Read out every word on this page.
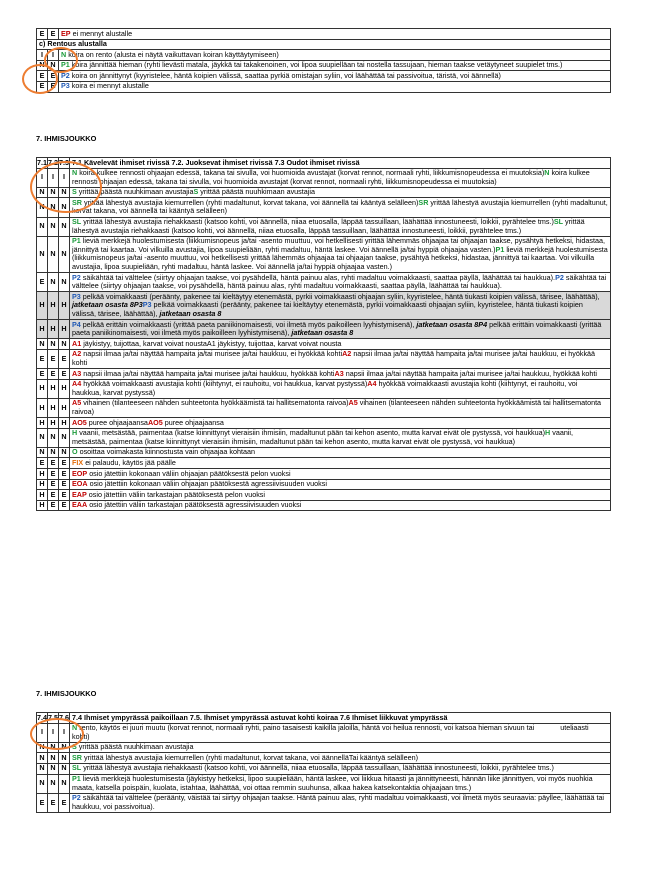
E	E	EP ei mennyt alustalle
c) Rentous alustalla		
I	I	N koira on rento (alusta ei näytä vaikuttavan koiran käyttäytymiseen)
N	N	P1 koira jännittää hieman (ryhti lievästi matala, jäykkä tai takakenoinen, voi lipoa suupielläan tai nostella tassujaan, hieman taakse vetäytyneet suupielet tms.)
E	E	P2 koira on jännittynyt (kyyristelee, häntä koipien välissä, saattaa pyrkiä omistajan syliin, voi läähättää tai passivoitua, täristä, voi äännellä)
E	E	P3 koira ei mennyt alustalle
7. IHMISJOUKKO
7.1	7.2	7.3	7.1 Kävelevät ihmiset rivissä 7.2. Juoksevat ihmiset rivissä 7.3 Oudot ihmiset rivissä
I	I	I	N koira kulkee rennosti ohjaajan edessä, takana tai sivulla, voi huomioida avustajat (korvat rennot, normaali ryhti, liikkumisnopeudessa ei muutoksia)N koira kulkee rennosti ohjaajan edessä, takana tai sivulla, voi huomioida avustajat (korvat rennot, normaali ryhti, liikkumisnopeudessa ei muutoksia)
N	N	N	S yrittää päästä nuuhkimaan avustajiaS yrittää päästä nuuhkimaan avustajia
N	N	N	SR yrittää lähestyä avustajia kiemurrellen (ryhti madaltunut, korvat takana, voi äännellä tai kääntyä selälleen)SR yrittää lähestyä avustajia kiemurrellen (ryhti madaltunut, korvat takana, voi äännellä tai kääntyä selälleen)
N	N	N	SL yrittää lähestyä avustajia riehakkaasti (katsoo kohti, voi äännellä, niiaa etuosalla, läppää tassuillaan, läähättää innostuneesti, loikkii, pyrähtelee tms.)SL yrittää lähestyä avustajia riehakkaasti (katsoo kohti, voi äännellä, niiaa etuosalla, läppää tassuillaan, läähättää innostuneesti, loikkii, pyrähtelee tms.)
N	N	N	P1 lieviä merkkejä huolestumisesta (liikkumisnopeus ja/tai -asento muuttuu, voi hetkellisesti yrittää lähemmäs ohjaajaa tai ohjaajan taakse, pysähtyä hetkeksi, hidastaa, jännittyä tai kaartaa. Voi vilkuilla avustajia, lipoa suupieliään, ryhti madaltuu, häntä laskee. Voi äännellä ja/tai hyppiä ohjaajaa vasten.)P1 lieviä merkkejä huolestumisesta (liikkumisnopeus ja/tai -asento muuttuu, voi hetkellisesti yrittää lähemmäs ohjaajaa tai ohjaajan taakse, pysähtyä hetkeksi, hidastaa, jännittyä tai kaartaa. Voi vilkuilla avustajia, lipoa suupieliään, ryhti madaltuu, häntä laskee. Voi äännellä ja/tai hyppiä ohjaajaa vasten.)
E	N	N	P2 säikähtää tai välttelee (siirtyy ohjaajan taakse, voi pysähdellä, häntä painuu alas, ryhti madaltuu voimakkaasti, saattaa päyllä, läähättää tai haukkua).P2 säikähtää tai välttelee (siirtyy ohjaajan taakse, voi pysähdellä, häntä painuu alas, ryhti madaltuu voimakkaasti, saattaa päyllä, läähättää tai haukkua).
H	H	H	P3 pelkää voimakkaasti (peräänty, pakenee tai kieltäytyy etenemästä, pyrkii voimakkaasti ohjaajan syliin, kyyristelee, häntä tiukasti koipien välissä, tärisee, läähättää), jatketaan osasta 8P3P3 pelkää voimakkaasti (peräänty, pakenee tai kieltäytyy etenemästä, pyrkii voimakkaasti ohjaajan syliin, kyyristelee, häntä tiukasti koipien välissä, tärisee, läähättää), jatketaan osasta 8
H	H	H	P4 pelkää erittäin voimakkaasti (yrittää paeta paniikinomaisesti, voi ilmetä myös paikoilleen lyyhistymisenä), jatketaan osasta 8P4 pelkää erittäin voimakkaasti (yrittää paeta paniikinomaisesti, voi ilmetä myös paikoilleen lyyhistymisenä), jatketaan osasta 8
N	N	N	A1 jäykistyy, tuijottaa, karvat voivat noustaA1 jäykistyy, tuijottaa, karvat voivat nousta
E	E	E	A2 napsii ilmaa ja/tai näyttää hampaita ja/tai murisee ja/tai haukkuu, ei hyökkää kohtiA2 napsii ilmaa ja/tai näyttää hampaita ja/tai murisee ja/tai haukkuu, ei hyökkää kohti
E	E	E	A3 napsii ilmaa ja/tai näyttää hampaita ja/tai murisee ja/tai haukkuu, hyökkää kohtiA3 napsii ilmaa ja/tai näyttää hampaita ja/tai murisee ja/tai haukkuu, hyökkää kohti
H	H	H	A4 hyökkää voimakkaasti avustajia kohti (kiihtynyt, ei rauhoitu, voi haukkua, karvat pystyssä)A4 hyökkää voimakkaasti avustajia kohti (kiihtynyt, ei rauhoitu, voi haukkua, karvat pystyssä)
H	H	H	A5 vihainen (tilanteeseen nähden suhteetonta hyökkäämistä tai hallitsematonta raivoa)A5 vihainen (tilanteeseen nähden suhteetonta hyökkäämistä tai hallitsematonta raivoa)
H	H	H	AO5 puree ohjaajaansaAO5 puree ohjaajaansa
N	N	N	H vaanii, metsästää, paimentaa (katse kiinnittynyt vieraisiin ihmisiin, madaltunut pään tai kehon asento, mutta karvat eivät ole pystyssä, voi haukkua)H vaanii, metsästää, paimentaa (katse kiinnittynyt vieraisiin ihmisiin, madaltunut pään tai kehon asento, mutta karvat eivät ole pystyssä, voi haukkua)
N	N	N	O osoittaa voimakasta kiinnostusta vain ohjaajaa kohtaan
E	E	E	FIX ei palaudu, käytös jää päälle
H	E	E	EOP osio jätettiin kokonaan väliin ohjaajan päätöksestä pelon vuoksi
H	E	E	EOA osio jätettiin kokonaan väliin ohjaajan päätöksestä agressiivisuuden vuoksi
H	E	E	EAP osio jätettiin väliin tarkastajan päätöksestä pelon vuoksi
H	E	E	EAA osio jätettiin väliin tarkastajan päätöksestä agressiivisuuden vuoksi
7. IHMISJOUKKO
7.4	7.5	7.6	7.4 Ihmiset ympyrässä paikoillaan 7.5. Ihmiset ympyrässä astuvat kohti koiraa 7.6 Ihmiset liikkuvat ympyrässä
I	I	I	N rento, käytös ei juuri muutu (korvat rennot, normaali ryhti, paino tasaisesti kaikilla jaloilla, häntä voi heilua rennosti, voi katsoa hieman sivuun tai uteliaasti kohti)
N	N	N	S yrittää päästä nuuhkimaan avustajia
N	N	N	SR yrittää lähestyä avustajia kiemurrellen (ryhti madaltunut, korvat takana, voi äännelläTai kääntyä selälleen)
N	N	N	SL yrittää lähestyä avustajia riehakkaasti (katsoo kohti, voi äännellä, niiaa etuosalla, läppää tassuillaan, läähättää innostuneesti, loikkii, pyrähtelee tms.)
N	N	N	P1 lieviä merkkejä huolestumisesta (jäykistyy hetkeksi, lipoo suupieliään, häntä laskee, voi liikkua hitaasti ja jännittyneesti, hännän liike jännittyen, voi myös nuohkia maata, katsella poispäin, kuolata, istahtaa, läähättää, voi ottaa remmin suuhunsa, alkaa hakea katsekontaktia ohjaajaan tms.)
E	E	E	P2 säikähtää tai välttelee (peräänty, väistää tai siirtyy ohjaajan taakse. Häntä painuu alas, ryhti madaltuu voimakkaasti, voi ilmetä myös seuraavia: päyllee, läähättää tai haukkuu, voi passivoitua).
